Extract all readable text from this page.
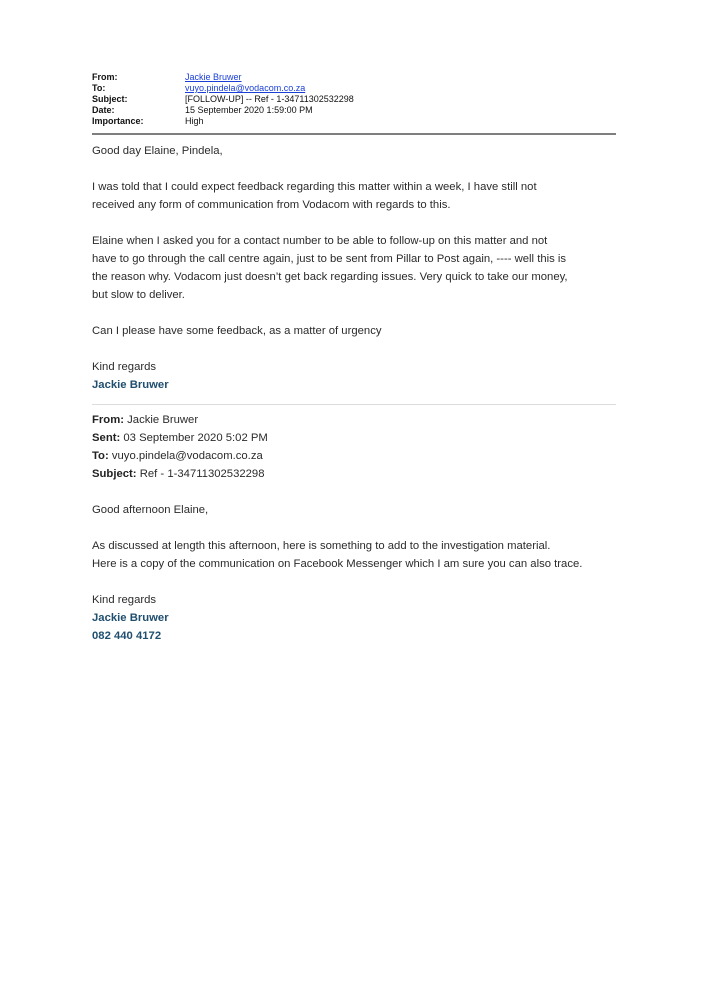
From:	Jackie Bruwer
To:	vuyo.pindela@vodacom.co.za
Subject:	[FOLLOW-UP] -- Ref - 1-34711302532298
Date:	15 September 2020 1:59:00 PM
Importance:	High

Good day Elaine, Pindela,

I was told that I could expect feedback regarding this matter within a week, I have still not

received any form of communication from Vodacom with regards to this.

Elaine when I asked you for a contact number to be able to follow-up on this matter and not

have to go through the call centre again, just to be sent from Pillar to Post again, ---- well this is

the reason why. Vodacom just doesn’t get back regarding issues. Very quick to take our money,

but slow to deliver.

Can I please have some feedback, as a matter of urgency

Kind regards

Jackie Bruwer

From: Jackie Bruwer

Sent: 03 September 2020 5:02 PM

To: vuyo.pindela@vodacom.co.za

Subject: Ref - 1-34711302532298

Good afternoon Elaine,

As discussed at length this afternoon, here is something to add to the investigation material.

Here is a copy of the communication on Facebook Messenger which I am sure you can also trace.

Kind regards

Jackie Bruwer

082 440 4172
